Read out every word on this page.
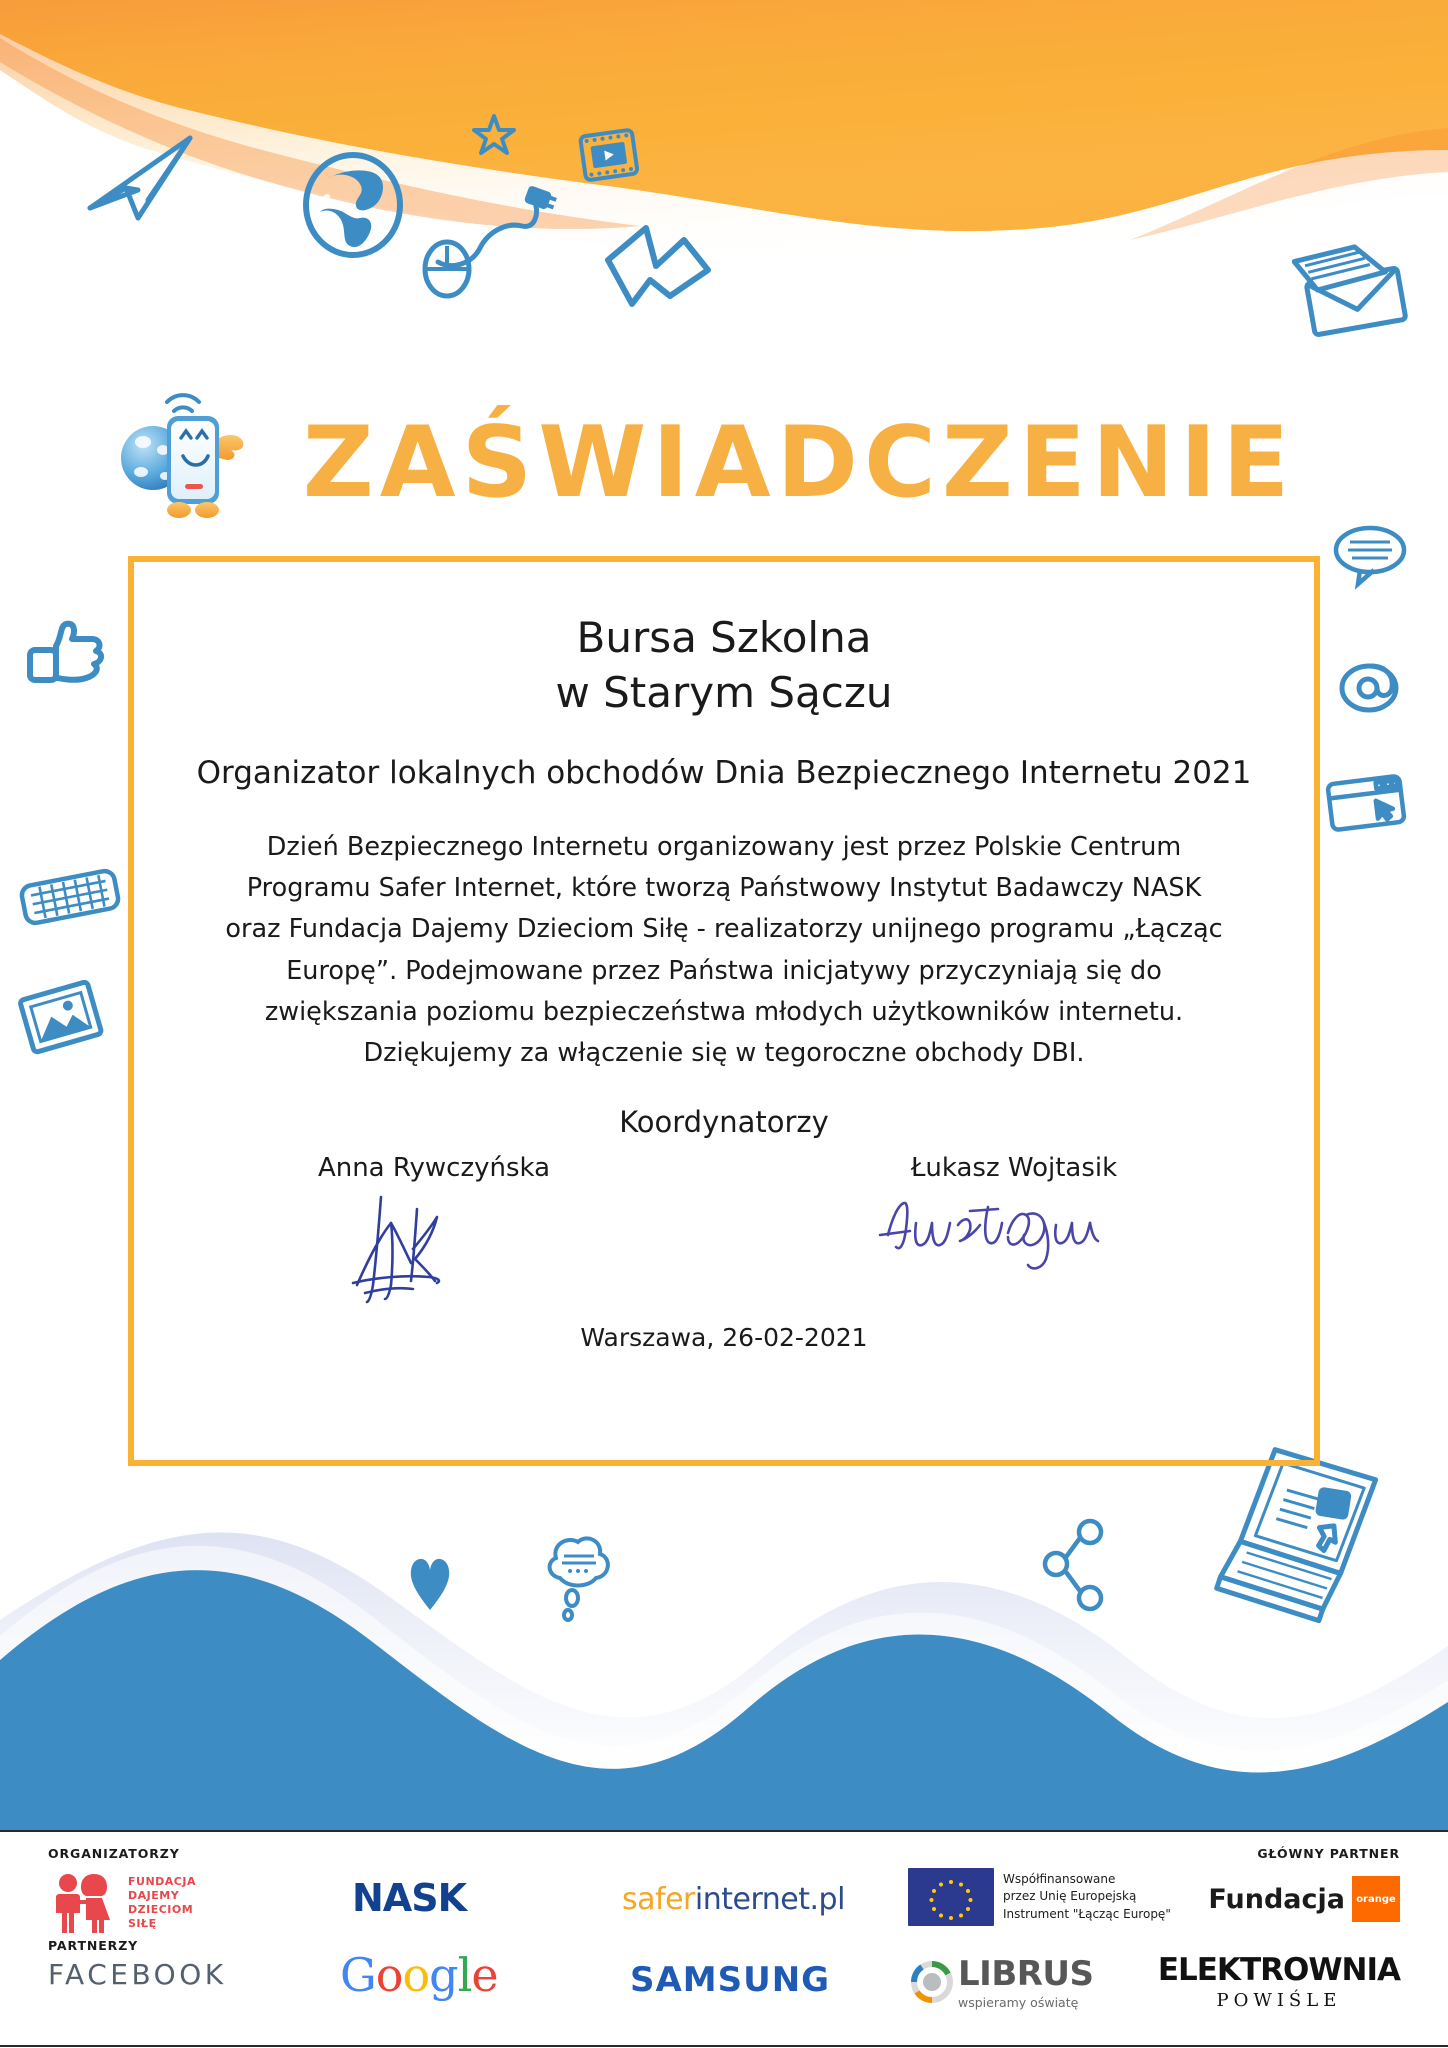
ZAŚWIADCZENIE
Bursa Szkolna
w Starym Sączu
Organizator lokalnych obchodów Dnia Bezpiecznego Internetu 2021
Dzień Bezpiecznego Internetu organizowany jest przez Polskie Centrum Programu Safer Internet, które tworzą Państwowy Instytut Badawczy NASK oraz Fundacja Dajemy Dzieciom Siłę - realizatorzy unijnego programu „Łącząc Europę”. Podejmowane przez Państwa inicjatywy przyczyniają się do zwiększania poziomu bezpieczeństwa młodych użytkowników internetu. Dziękujemy za włączenie się w tegoroczne obchody DBI.
Koordynatorzy
Anna Rywczyńska	Łukasz Wojtasik
Warszawa, 26-02-2021
ORGANIZATORZY
PARTNERZY
GŁÓWNY PARTNER
FUNDACJA
DAJEMY
DZIECIOM
SIŁĘ
NASK	safer internet.pl
Współfinansowane
przez Unię Europejską
Instrument "Łącząc Europę" Fundacja orange
FACEBOOK G o o g l e	SAMSUNG	LIBRUS
wspieramy oświatę
ELEKTROWNIA
POWIŚLE
